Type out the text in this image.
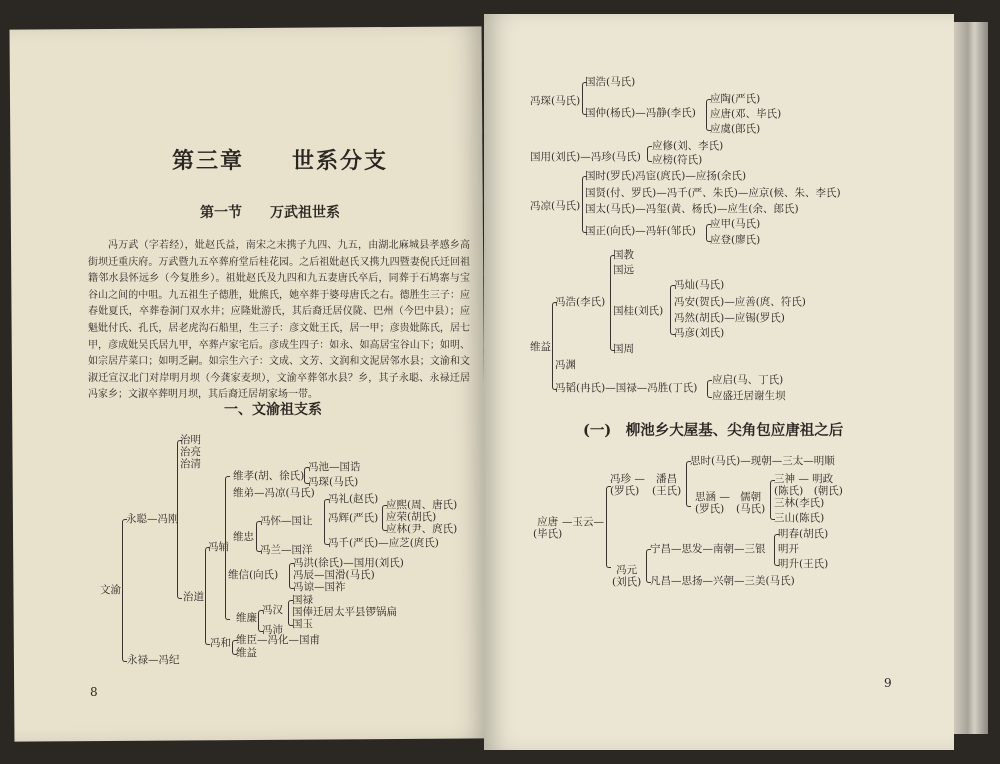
第三章　　世系分支
第一节　　万武祖世系
冯万武（字若经），妣赵氏益，南宋之末携子九四、九五，由湖北麻城县孝感乡高
街坝迁重庆府。万武暨九五卒葬府堂后桂花园。之后祖妣赵氏又携九四暨妻倪氏迁回祖
籍邻水县怀远乡（今复胜乡）。祖妣赵氏及九四和九五妻唐氏卒后，同葬于石鸠寨与宝
谷山之间的中咀。九五祖生子德胜，妣熊氏，她卒葬于婆母唐氏之右。德胜生三子：应
春妣夏氏，卒葬卷洞门双水井；应隆妣游氏，其后裔迁居仪陇、巴州（今巴中县）；应
魁妣付氏、孔氏，居老虎沟石船里，生三子：彦文妣王氏，居一甲；彦贵妣陈氏，居七
甲，彦成妣吴氏居九甲，卒葬卢家宅后。彦成生四子：如永、如高居宝谷山下；如明、
如宗居芹菜口；如明乏嗣。如宗生六子：文成、文芳、文润和文泥居邻水县；文渝和文
淑迁宣汉北门对岸明月坝（今龚家麦坝），文渝卒葬邻水县？乡，其子永聪、永禄迁居
冯家乡；文淑卒葬明月坝，其后裔迁居胡家场一带。
一、文渝祖支系
治明
治亮
治清
文渝
永聪—冯刚
永禄—冯纪
治道
冯辅
冯和
维孝(胡、徐氏)
冯池—国诰
冯琛(马氏)
维弟—冯凉(马氏) 冯礼(赵氏)
冯怀—国让 冯辉(严氏)
应熙(周、唐氏)
应荣(胡氏)
应林(尹、庹氏)
冯千(严氏)—应芝(庹氏)
维忠
冯兰—国洋
冯洪(徐氏)—国用(刘氏)
冯辰—国滑(马氏)
冯谅—国祚
维信(向氏)
冯汉
国禄
国俸迁居太平县锣锅扁
国玉
维廉
冯沛
维臣—冯化—国甫
维益
8
冯琛(马氏)
国浩(马氏)
国仲(杨氏)—冯静(李氏)
应陶(严氏)
应唐(邓、毕氏)
应虞(郎氏)
国用(刘氏)—冯珍(马氏)
应修(刘、李氏)
应榜(符氏)
冯凉(马氏)
国时(罗氏)冯宦(庹氏)—应扬(余氏)
国贤(付、罗氏)—冯千(严、朱氏)—应京(候、朱、李氏)
国太(马氏)—冯玺(黄、杨氏)—应生(余、郎氏)
国正(向氏)—冯轩(邹氏)
应甲(马氏)
应登(廖氏)
维益
冯浩(李氏)
国教
国远
国桂(刘氏)
国周
冯灿(马氏)
冯安(贺氏)—应善(庹、符氏)
冯然(胡氏)—应锡(罗氏)
冯彦(刘氏)
冯渊
冯韬(冉氏)—国禄—冯胜(丁氏)
应启(马、丁氏)
应盛迁居谢生坝
(一)　柳池乡大屋基、尖角包应唐祖之后
应唐
(毕氏)
—玉云—
冯珍 —
(罗氏)
潘昌
(王氏)
思时(马氏)—现朝—三太—明顺
思涵 —
(罗氏)
儒朝
(马氏)
三神 — 明政
(陈氏)　(朝氏)
三林(李氏)
三山(陈氏)
冯元
(刘氏)
宁昌—思发—南朝—三银
明春(胡氏)
明开
明升(王氏)
凡昌—思扬—兴朝—三美(马氏)
9
